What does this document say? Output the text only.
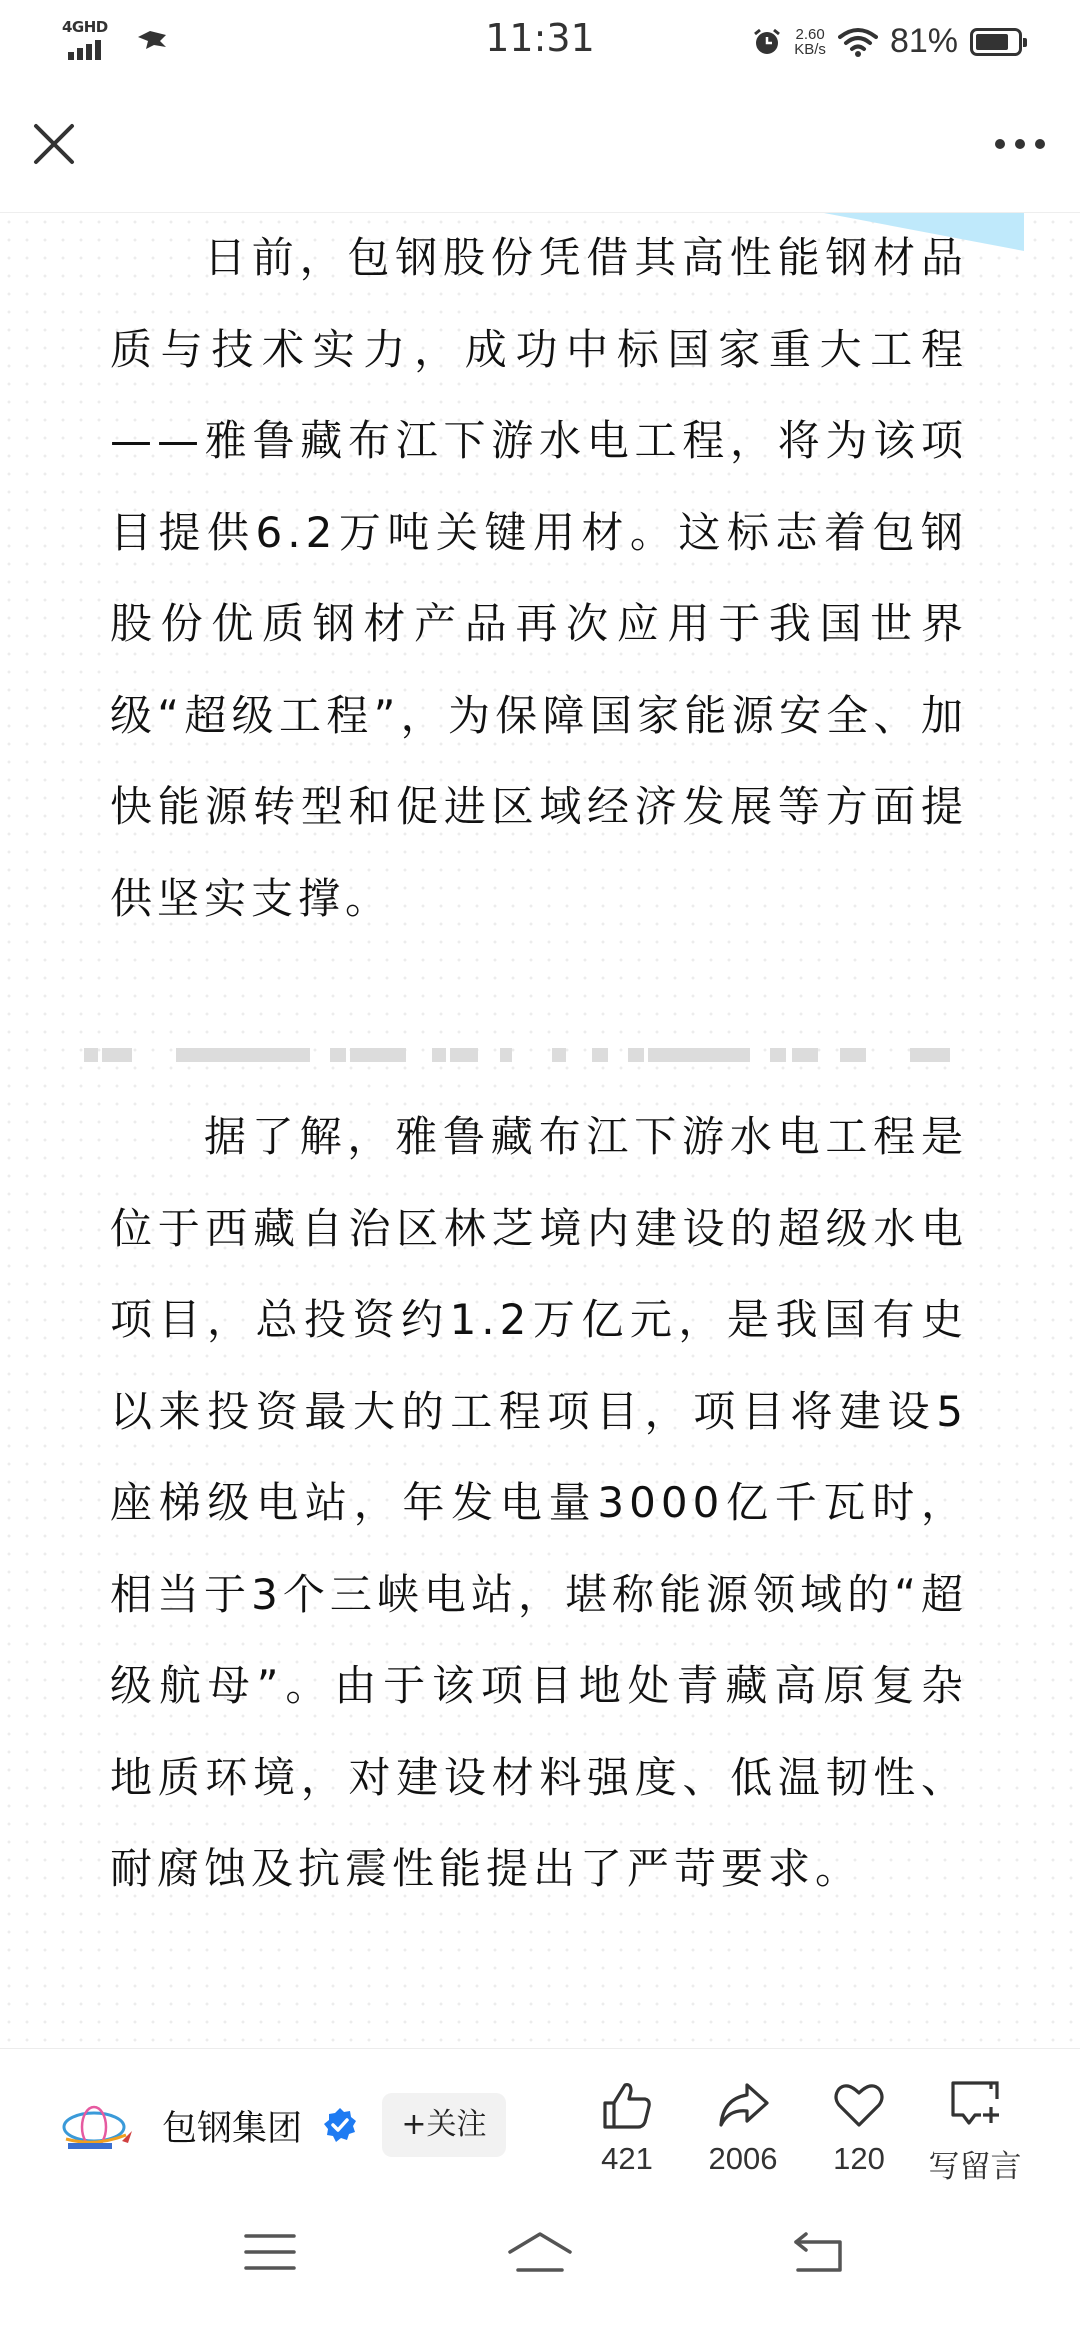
4GHD	11:31	2.60
KB/s 81%

日前，包钢股份凭借其高性能钢材品质与技术实力，成功中标国家重大工程——雅鲁藏布江下游水电工程，将为该项目提供6.2万吨关键用材。这标志着包钢股份优质钢材产品再次应用于我国世界级“超级工程”，为保障国家能源安全、加快能源转型和促进区域经济发展等方面提供坚实支撑。

据了解，雅鲁藏布江下游水电工程是位于西藏自治区林芝境内建设的超级水电项目，总投资约1.2万亿元，是我国有史以来投资最大的工程项目，项目将建设5座梯级电站，年发电量3000亿千瓦时，相当于3个三峡电站，堪称能源领域的“超级航母”。由于该项目地处青藏高原复杂地质环境，对建设材料强度、低温韧性、耐腐蚀及抗震性能提出了严苛要求。

包钢集团	+关注
421	2006	120	写留言
